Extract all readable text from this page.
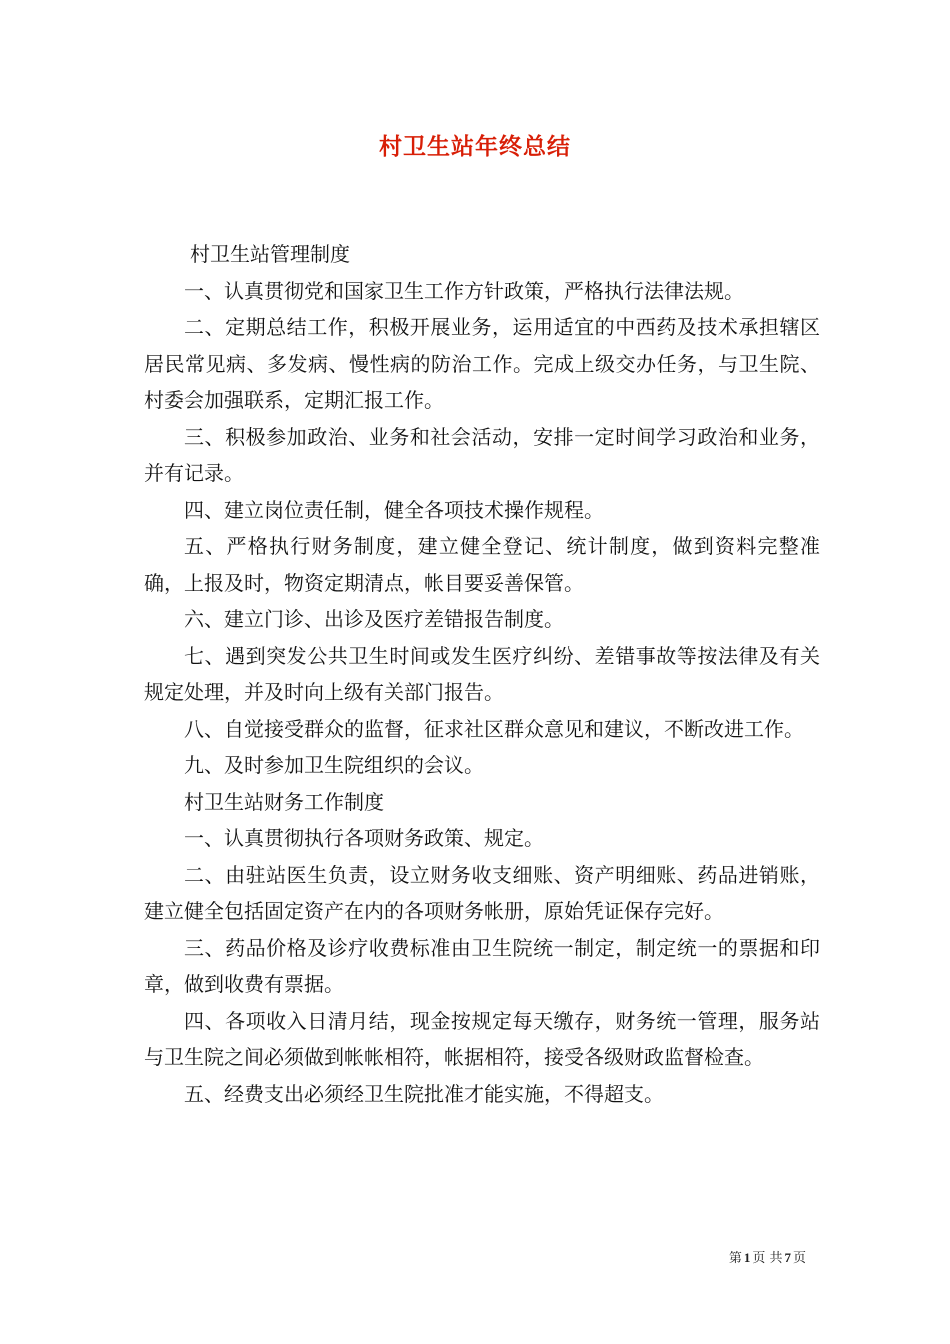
村卫生站年终总结

村卫生站管理制度

一、认真贯彻党和国家卫生工作方针政策，严格执行法律法规。

二、定期总结工作，积极开展业务，运用适宜的中西药及技术承担辖区居民常见病、多发病、慢性病的防治工作。完成上级交办任务，与卫生院、村委会加强联系，定期汇报工作。

三、积极参加政治、业务和社会活动，安排一定时间学习政治和业务，并有记录。

四、建立岗位责任制，健全各项技术操作规程。

五、严格执行财务制度，建立健全登记、统计制度，做到资料完整准确，上报及时，物资定期清点，帐目要妥善保管。

六、建立门诊、出诊及医疗差错报告制度。

七、遇到突发公共卫生时间或发生医疗纠纷、差错事故等按法律及有关规定处理，并及时向上级有关部门报告。

八、自觉接受群众的监督，征求社区群众意见和建议，不断改进工作。

九、及时参加卫生院组织的会议。

村卫生站财务工作制度

一、认真贯彻执行各项财务政策、规定。

二、由驻站医生负责，设立财务收支细账、资产明细账、药品进销账，建立健全包括固定资产在内的各项财务帐册，原始凭证保存完好。

三、药品价格及诊疗收费标准由卫生院统一制定，制定统一的票据和印章，做到收费有票据。

四、各项收入日清月结，现金按规定每天缴存，财务统一管理，服务站与卫生院之间必须做到帐帐相符，帐据相符，接受各级财政监督检查。

五、经费支出必须经卫生院批准才能实施，不得超支。

第 1 页 共 7 页
